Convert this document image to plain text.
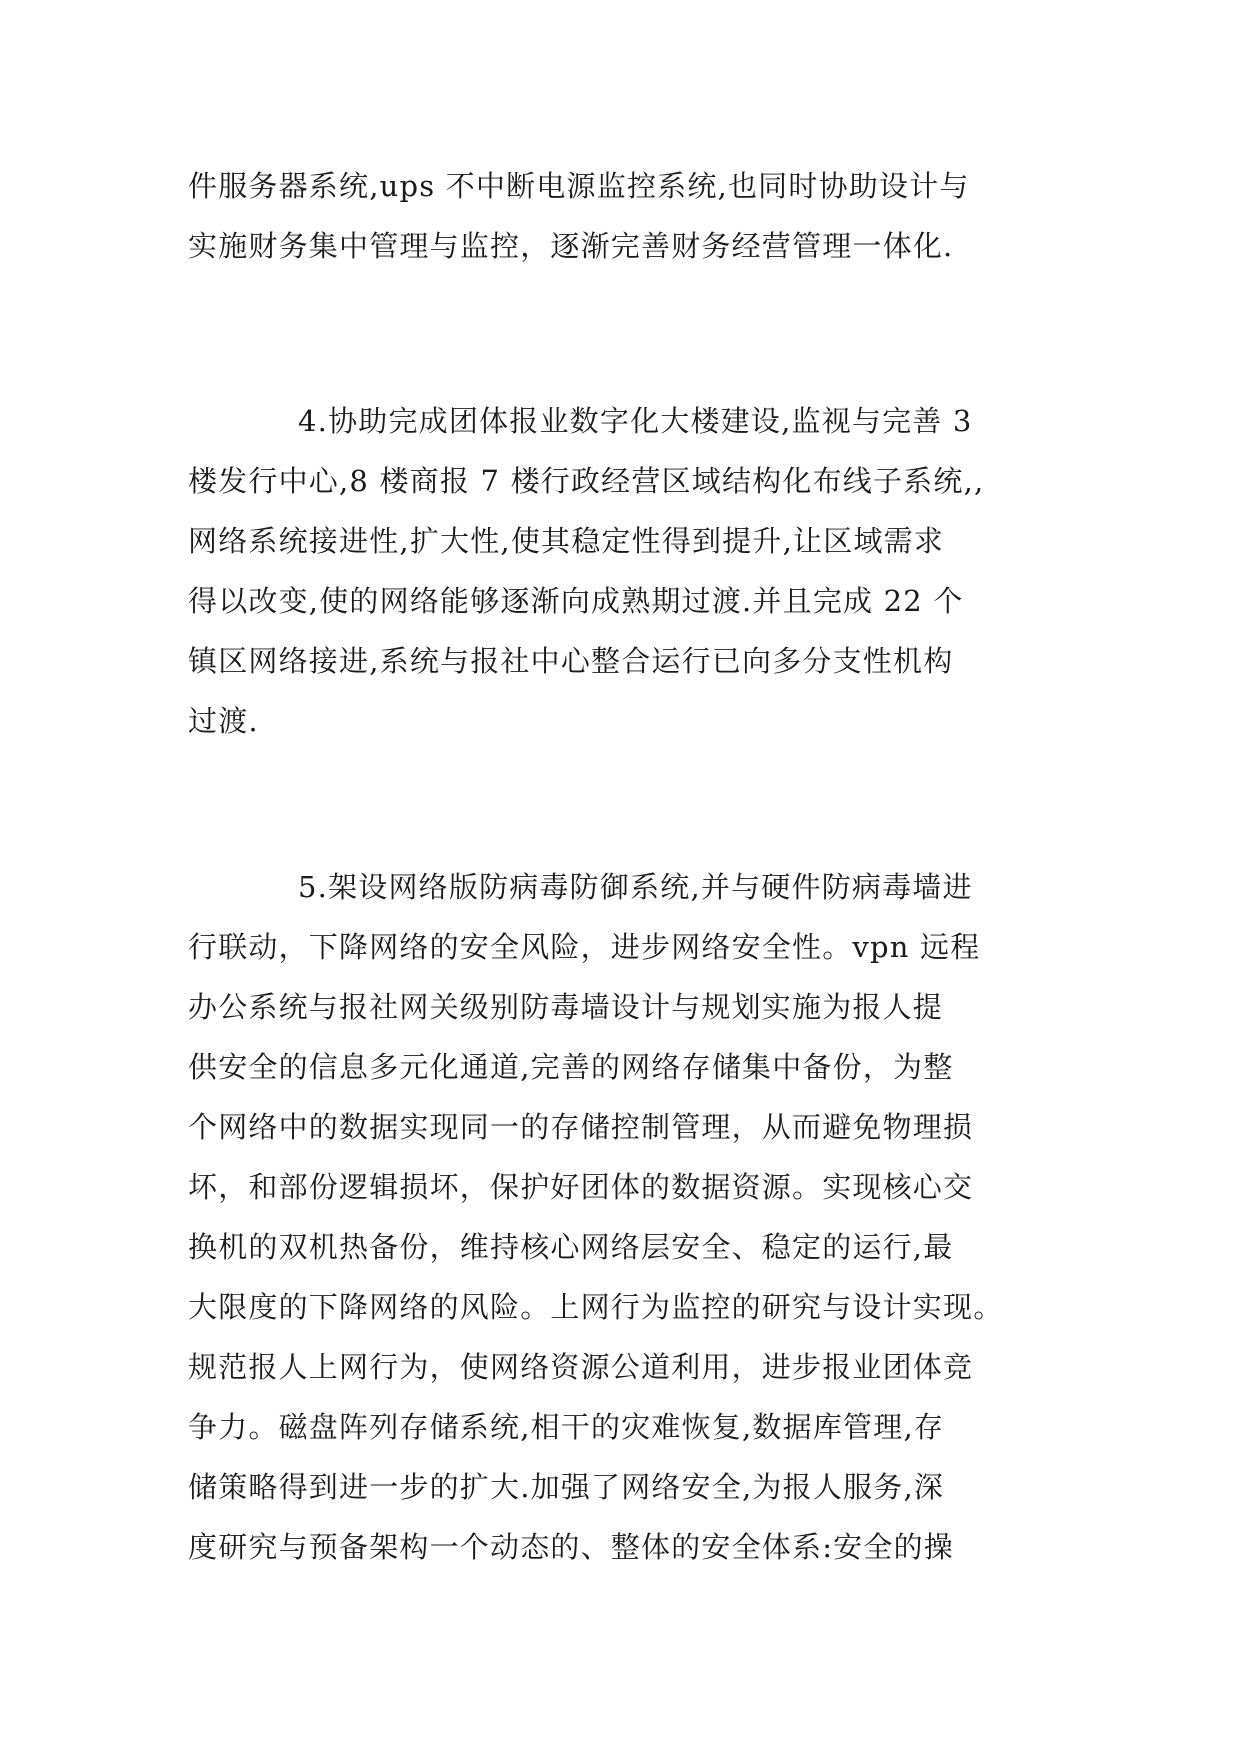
件服务器系统,ups 不中断电源监控系统,也同时协助设计与
实施财务集中管理与监控，逐渐完善财务经营管理一体化.
4.协助完成团体报业数字化大楼建设,监视与完善 3
楼发行中心,8 楼商报 7 楼行政经营区域结构化布线子系统,,
网络系统接进性,扩大性,使其稳定性得到提升,让区域需求
得以改变,使的网络能够逐渐向成熟期过渡.并且完成 22 个
镇区网络接进,系统与报社中心整合运行已向多分支性机构
过渡.
5.架设网络版防病毒防御系统,并与硬件防病毒墙进
行联动，下降网络的安全风险，进步网络安全性。vpn 远程
办公系统与报社网关级别防毒墙设计与规划实施为报人提
供安全的信息多元化通道,完善的网络存储集中备份，为整
个网络中的数据实现同一的存储控制管理，从而避免物理损
坏，和部份逻辑损坏，保护好团体的数据资源。实现核心交
换机的双机热备份，维持核心网络层安全、稳定的运行,最
大限度的下降网络的风险。上网行为监控的研究与设计实现。
规范报人上网行为，使网络资源公道利用，进步报业团体竞
争力。磁盘阵列存储系统,相干的灾难恢复,数据库管理,存
储策略得到进一步的扩大.加强了网络安全,为报人服务,深
度研究与预备架构一个动态的、整体的安全体系:安全的操
